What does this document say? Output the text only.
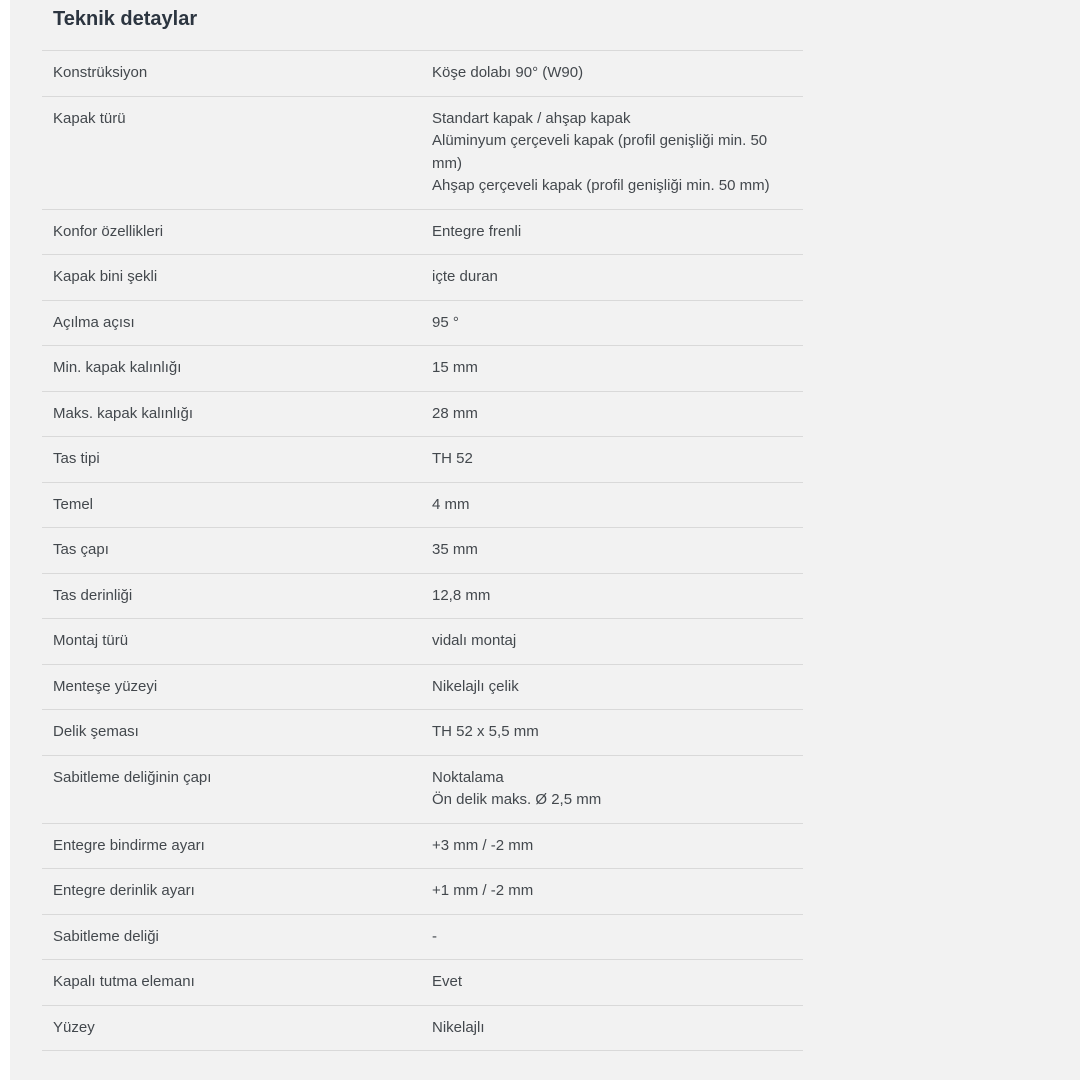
Teknik detaylar
Konstrüksiyon	Köşe dolabı 90° (W90)
Kapak türü	Standart kapak / ahşap kapak
Alüminyum çerçeveli kapak (profil genişliği min. 50 mm)
Ahşap çerçeveli kapak (profil genişliği min. 50 mm)
Konfor özellikleri	Entegre frenli
Kapak bini şekli	içte duran
Açılma açısı	95 °
Min. kapak kalınlığı	15 mm
Maks. kapak kalınlığı	28 mm
Tas tipi	TH 52
Temel	4 mm
Tas çapı	35 mm
Tas derinliği	12,8 mm
Montaj türü	vidalı montaj
Menteşe yüzeyi	Nikelajlı çelik
Delik şeması	TH 52 x 5,5 mm
Sabitleme deliğinin çapı	Noktalama
Ön delik maks. Ø 2,5 mm
Entegre bindirme ayarı	+3 mm / -2 mm
Entegre derinlik ayarı	+1 mm / -2 mm
Sabitleme deliği	-
Kapalı tutma elemanı	Evet
Yüzey	Nikelajlı
